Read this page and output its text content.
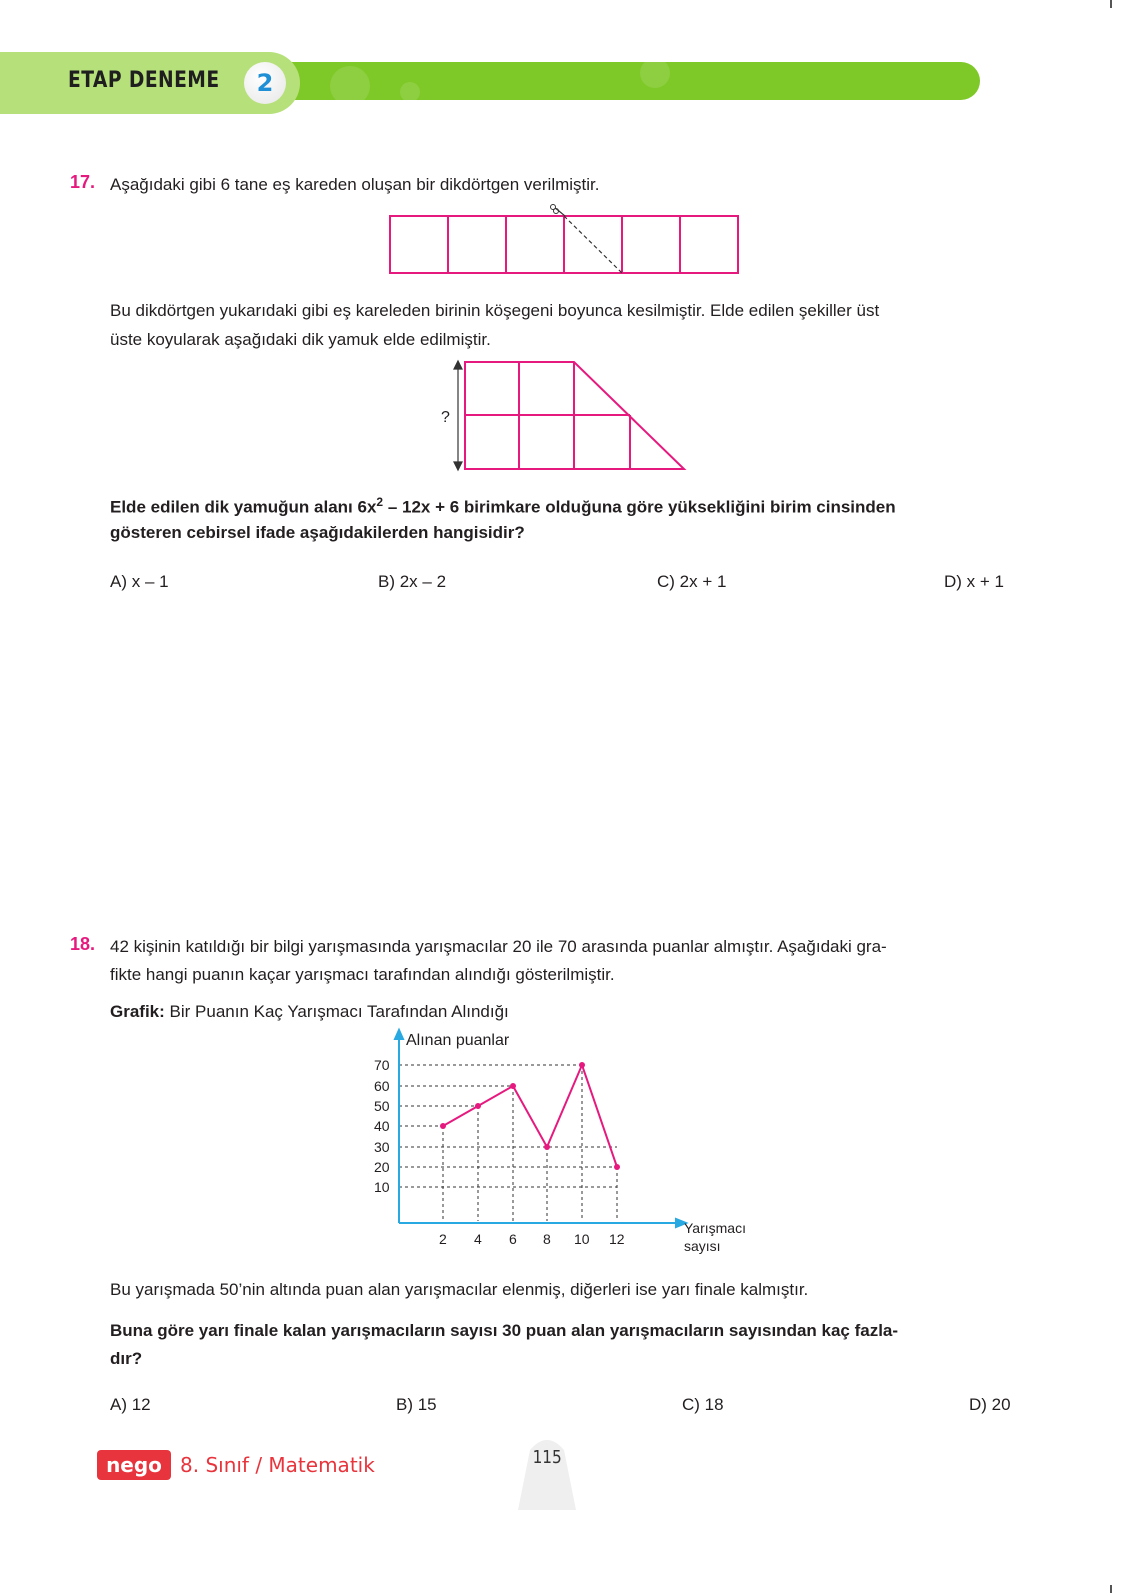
ETAP DENEME	2
17. Aşağıdaki gibi 6 tane eş kareden oluşan bir dikdörtgen verilmiştir.
Bu dikdörtgen yukarıdaki gibi eş kareleden birinin köşegeni boyunca kesilmiştir. Elde edilen şekiller üst
üste koyularak aşağıdaki dik yamuk elde edilmiştir.
?
Elde edilen dik yamuğun alanı $6x^2 - 12x + 6$ birimkare olduğuna göre yüksekliğini birim cinsinden
gösteren cebirsel ifade aşağıdakilerden hangisidir?
A) x – 1	B) 2x – 2	C) 2x + 1	D) x + 1
18. 42 kişinin katıldığı bir bilgi yarışmasında yarışmacılar 20 ile 70 arasında puanlar almıştır. Aşağıdaki gra-
fikte hangi puanın kaçar yarışmacı tarafından alındığı gösterilmiştir.
Grafik: Bir Puanın Kaç Yarışmacı Tarafından Alındığı
Alınan puanlar
70
60
50
40
30
20
10
2 4 6 8 10 12
Yarışmacı sayısı
Bu yarışmada 50’nin altında puan alan yarışmacılar elenmiş, diğerleri ise yarı finale kalmıştır.
Buna göre yarı finale kalan yarışmacıların sayısı 30 puan alan yarışmacıların sayısından kaç fazla-
dır?
A) 12	B) 15	C) 18	D) 20
nego 8. Sınıf / Matematik	115
